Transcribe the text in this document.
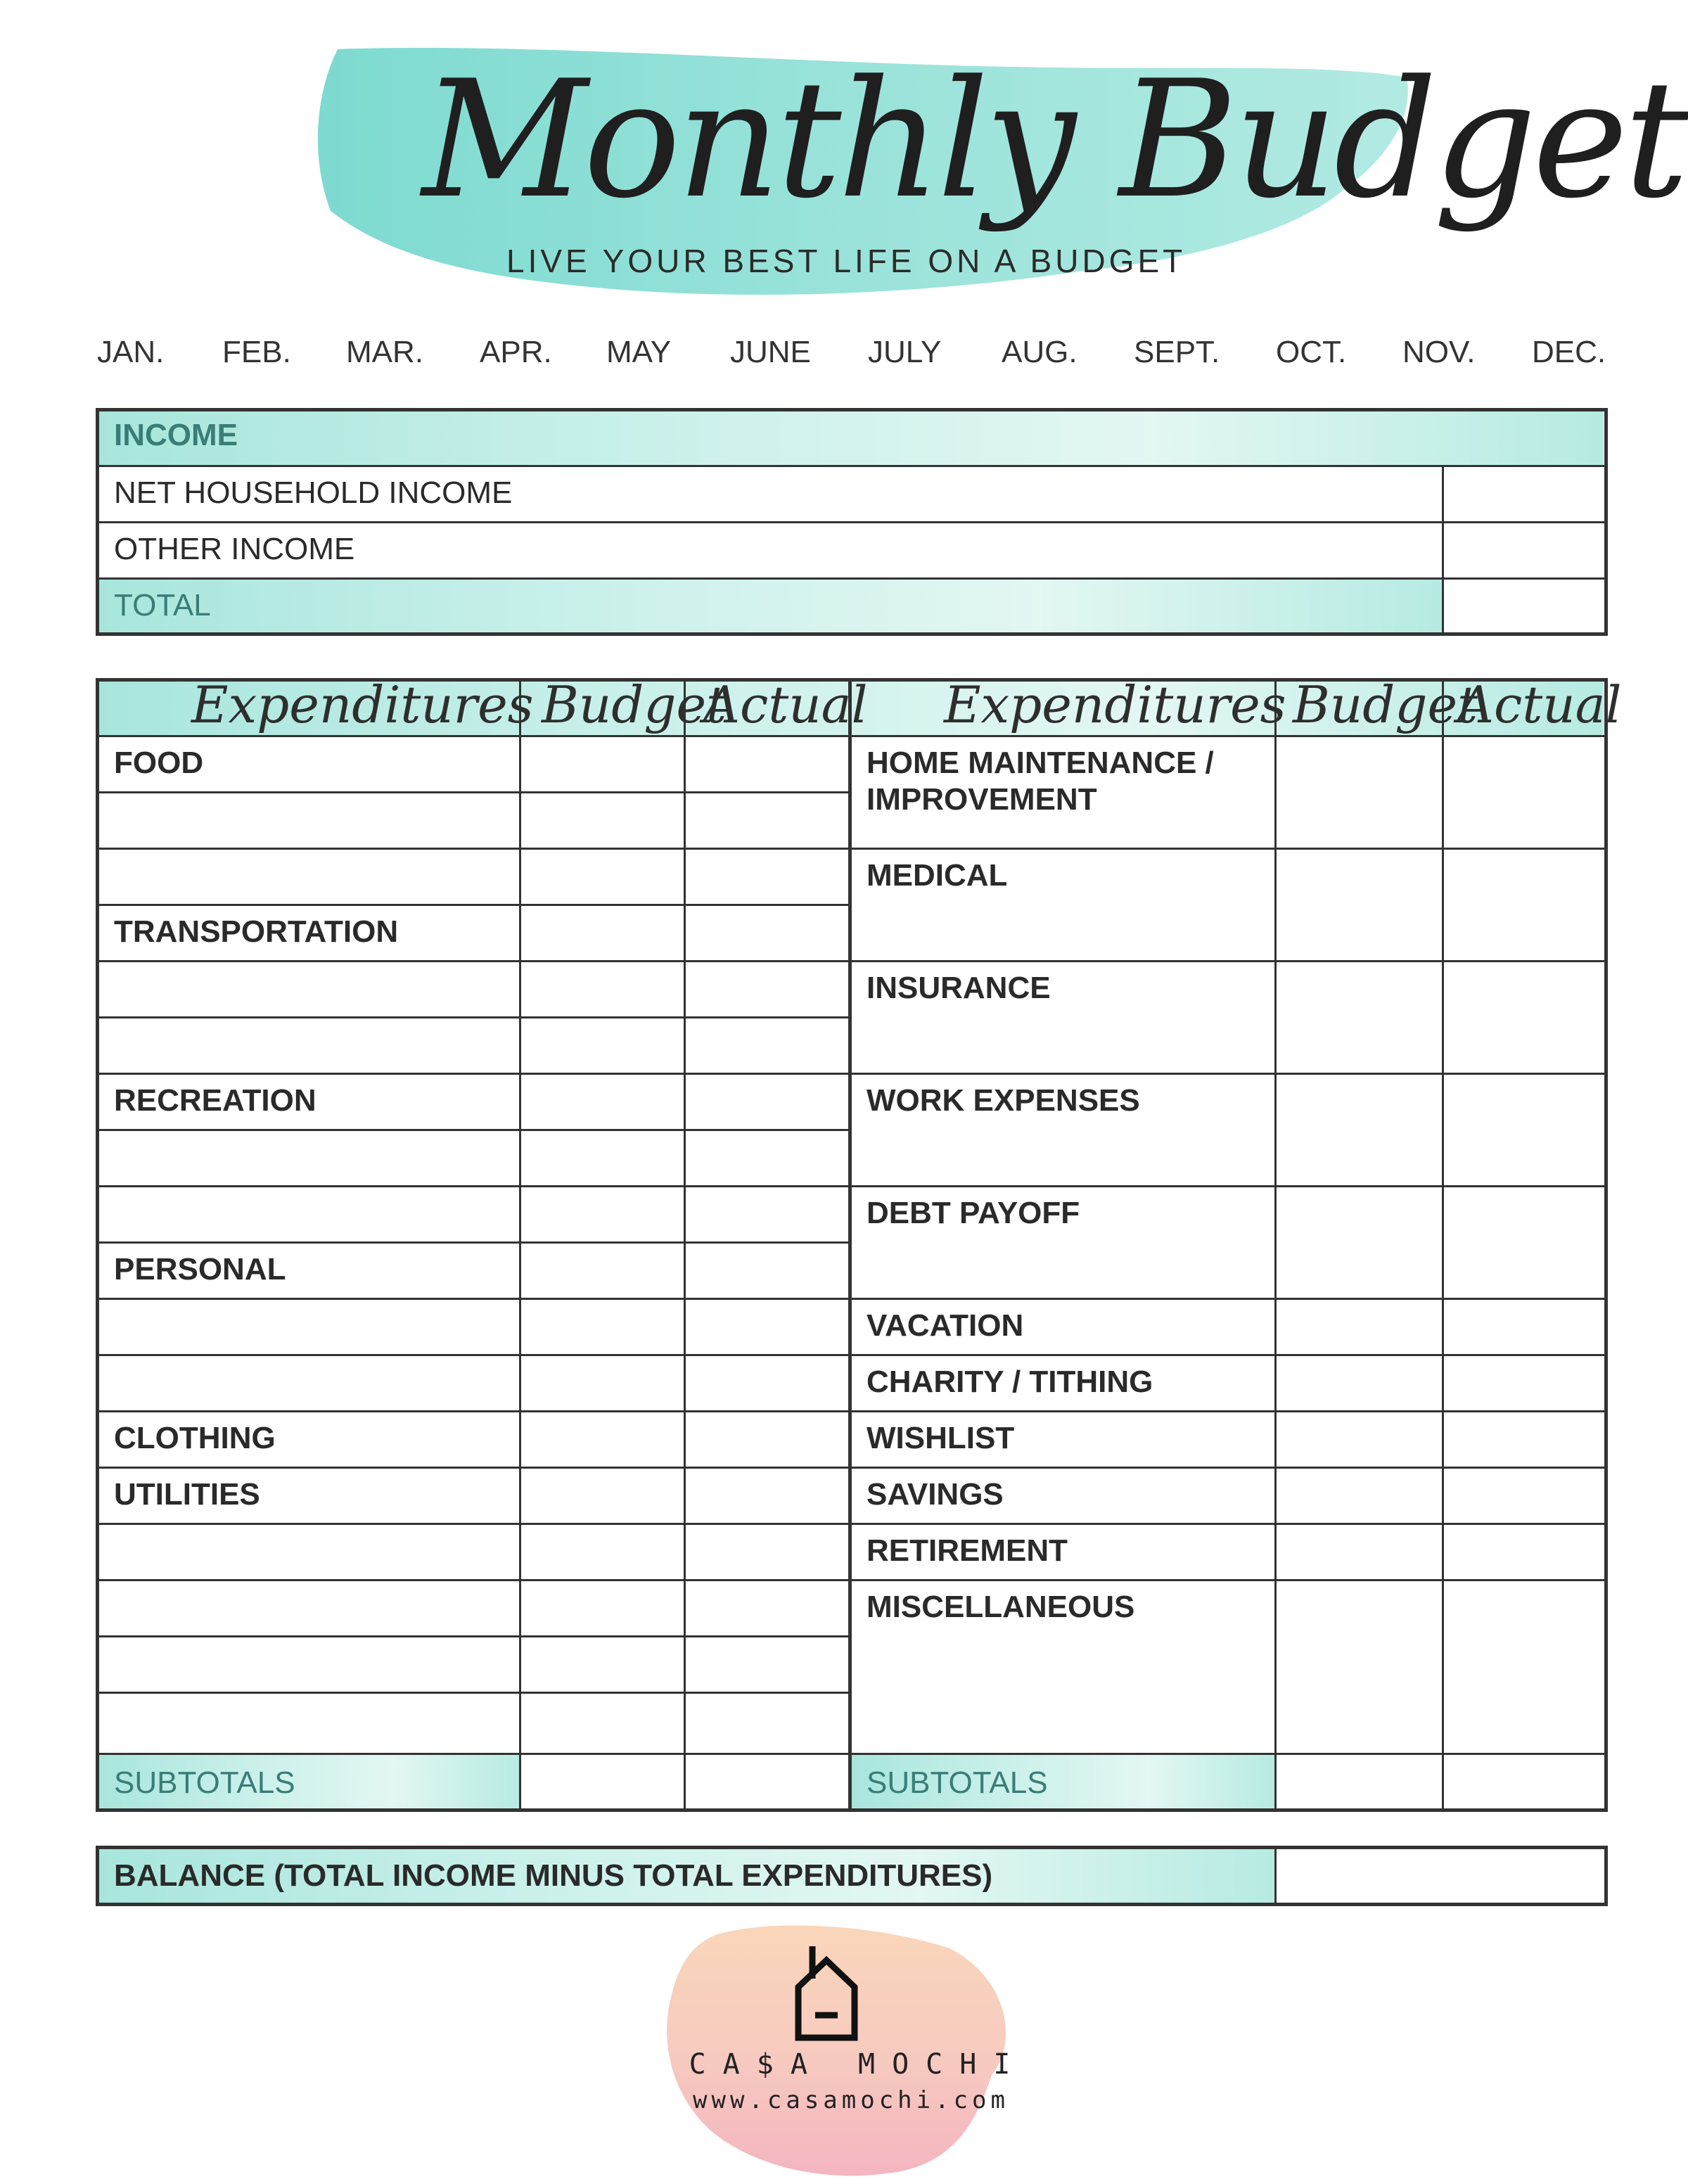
Monthly Budget
LIVE YOUR BEST LIFE ON A BUDGET
JAN. FEB. MAR. APR. MAY JUNE JULY AUG. SEPT. OCT. NOV. DEC.
INCOME
NET HOUSEHOLD INCOME
OTHER INCOME
TOTAL
Expenditures Budget
Actual Expenditures Budget
Actual
FOOD
TRANSPORTATION
RECREATION
PERSONAL
CLOTHING
UTILITIES
HOME MAINTENANCE /
IMPROVEMENT
MEDICAL
INSURANCE
WORK EXPENSES
DEBT PAYOFF
VACATION
CHARITY / TITHING
WISHLIST
SAVINGS
RETIREMENT
MISCELLANEOUS
SUBTOTALS	SUBTOTALS
BALANCE (TOTAL INCOME MINUS TOTAL EXPENDITURES)
CA$A MOCHI
www.casamochi.com
